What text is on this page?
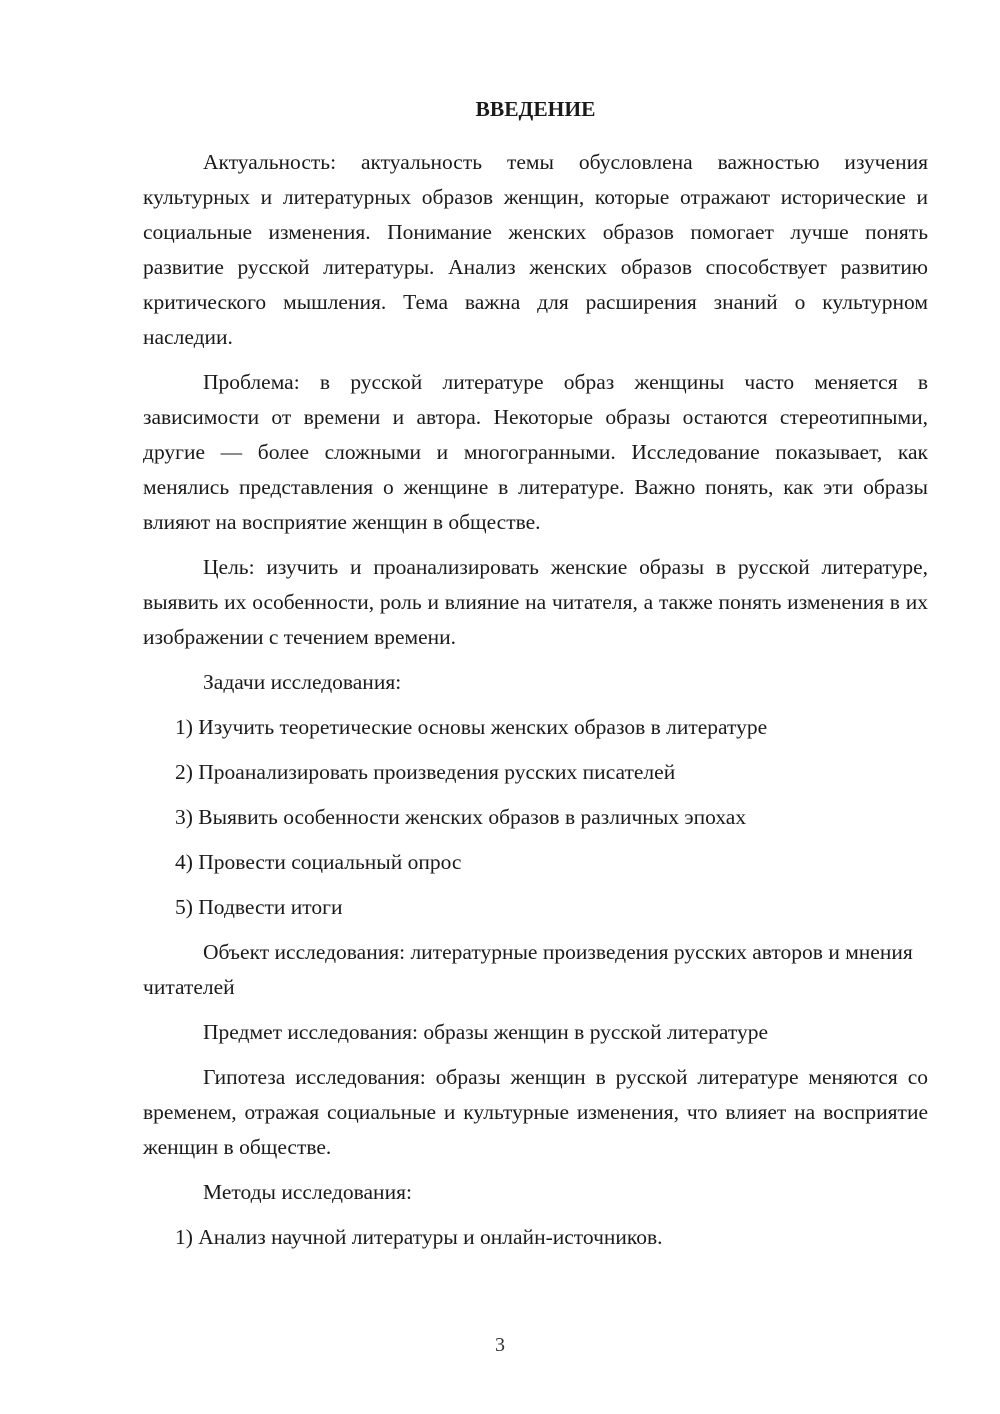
ВВЕДЕНИЕ
Актуальность: актуальность темы обусловлена важностью изучения культурных и литературных образов женщин, которые отражают исторические и социальные изменения. Понимание женских образов помогает лучше понять развитие русской литературы. Анализ женских образов способствует развитию критического мышления. Тема важна для расширения знаний о культурном наследии.
Проблема: в русской литературе образ женщины часто меняется в зависимости от времени и автора. Некоторые образы остаются стереотипными, другие — более сложными и многогранными. Исследование показывает, как менялись представления о женщине в литературе. Важно понять, как эти образы влияют на восприятие женщин в обществе.
Цель: изучить и проанализировать женские образы в русской литературе, выявить их особенности, роль и влияние на читателя, а также понять изменения в их изображении с течением времени.
Задачи исследования:
1) Изучить теоретические основы женских образов в литературе
2) Проанализировать произведения русских писателей
3) Выявить особенности женских образов в различных эпохах
4) Провести социальный опрос
5) Подвести итоги
Объект исследования: литературные произведения русских авторов и мнения читателей
Предмет исследования: образы женщин в русской литературе
Гипотеза исследования: образы женщин в русской литературе меняются со временем, отражая социальные и культурные изменения, что влияет на восприятие женщин в обществе.
Методы исследования:
1) Анализ научной литературы и онлайн-источников.
3
